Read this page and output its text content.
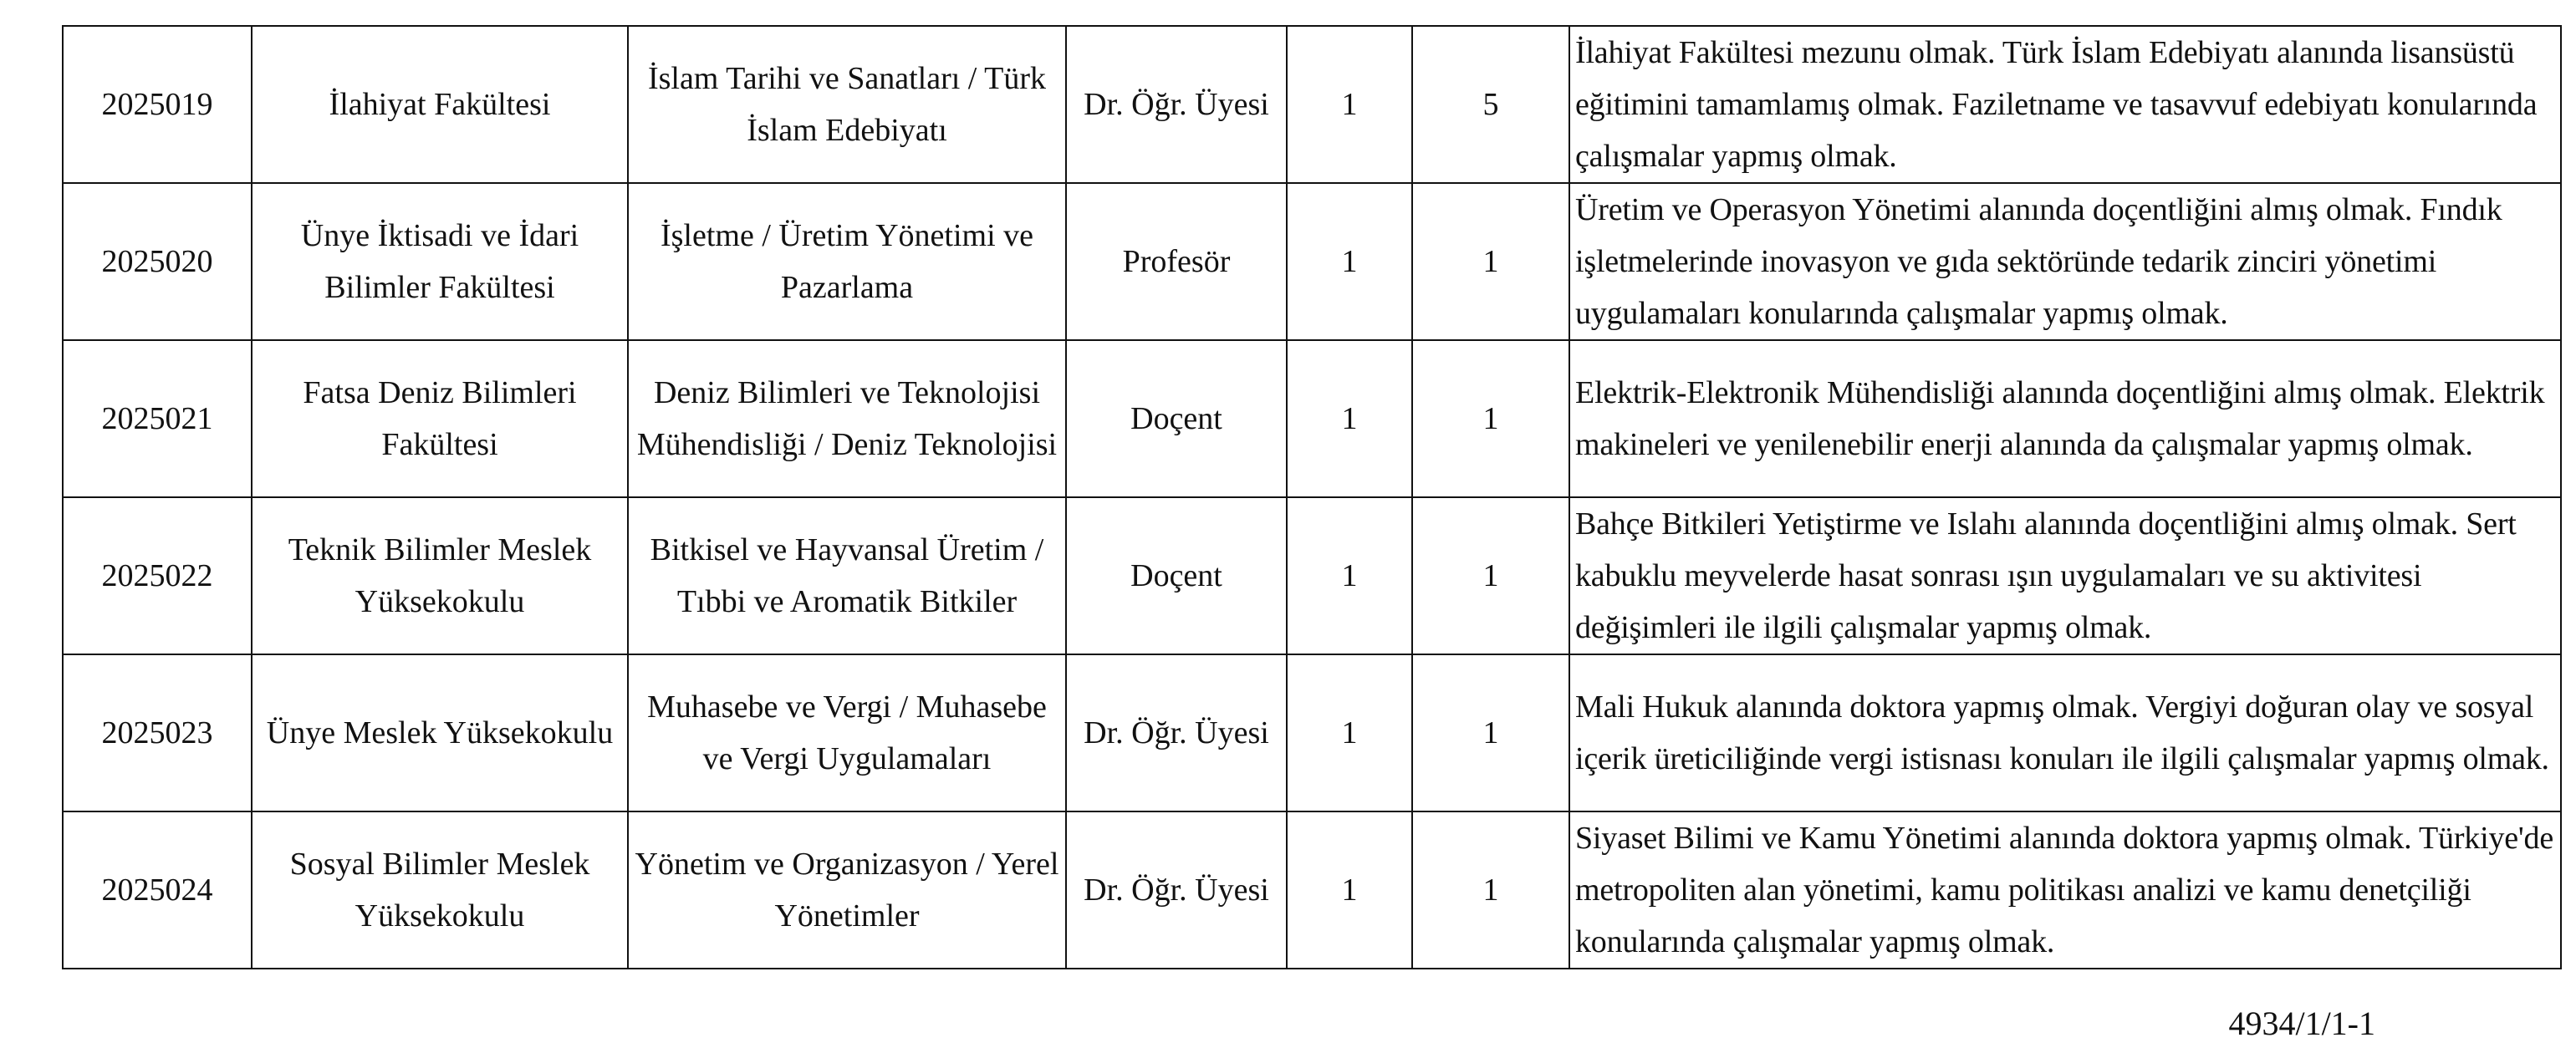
2025019	İlahiyat Fakültesi	İslam Tarihi ve Sanatları / Türk İslam Edebiyatı	Dr. Öğr. Üyesi	1	5	İlahiyat Fakültesi mezunu olmak. Türk İslam Edebiyatı alanında lisansüstü eğitimini tamamlamış olmak. Faziletname ve tasavvuf edebiyatı konularında çalışmalar yapmış olmak.
2025020	Ünye İktisadi ve İdari Bilimler Fakültesi	İşletme / Üretim Yönetimi ve Pazarlama	Profesör	1	1	Üretim ve Operasyon Yönetimi alanında doçentliğini almış olmak. Fındık işletmelerinde inovasyon ve gıda sektöründe tedarik zinciri yönetimi uygulamaları konularında çalışmalar yapmış olmak.
2025021	Fatsa Deniz Bilimleri Fakültesi	Deniz Bilimleri ve Teknolojisi Mühendisliği / Deniz Teknolojisi	Doçent	1	1	Elektrik-Elektronik Mühendisliği alanında doçentliğini almış olmak. Elektrik makineleri ve yenilenebilir enerji alanında da çalışmalar yapmış olmak.
2025022	Teknik Bilimler Meslek Yüksekokulu	Bitkisel ve Hayvansal Üretim / Tıbbi ve Aromatik Bitkiler	Doçent	1	1	Bahçe Bitkileri Yetiştirme ve Islahı alanında doçentliğini almış olmak. Sert kabuklu meyvelerde hasat sonrası ışın uygulamaları ve su aktivitesi değişimleri ile ilgili çalışmalar yapmış olmak.
2025023	Ünye Meslek Yüksekokulu	Muhasebe ve Vergi / Muhasebe ve Vergi Uygulamaları	Dr. Öğr. Üyesi	1	1	Mali Hukuk alanında doktora yapmış olmak. Vergiyi doğuran olay ve sosyal içerik üreticiliğinde vergi istisnası konuları ile ilgili çalışmalar yapmış olmak.
2025024	Sosyal Bilimler Meslek Yüksekokulu	Yönetim ve Organizasyon / Yerel Yönetimler	Dr. Öğr. Üyesi	1	1	Siyaset Bilimi ve Kamu Yönetimi alanında doktora yapmış olmak. Türkiye'de metropoliten alan yönetimi, kamu politikası analizi ve kamu denetçiliği konularında çalışmalar yapmış olmak.
4934/1/1-1
